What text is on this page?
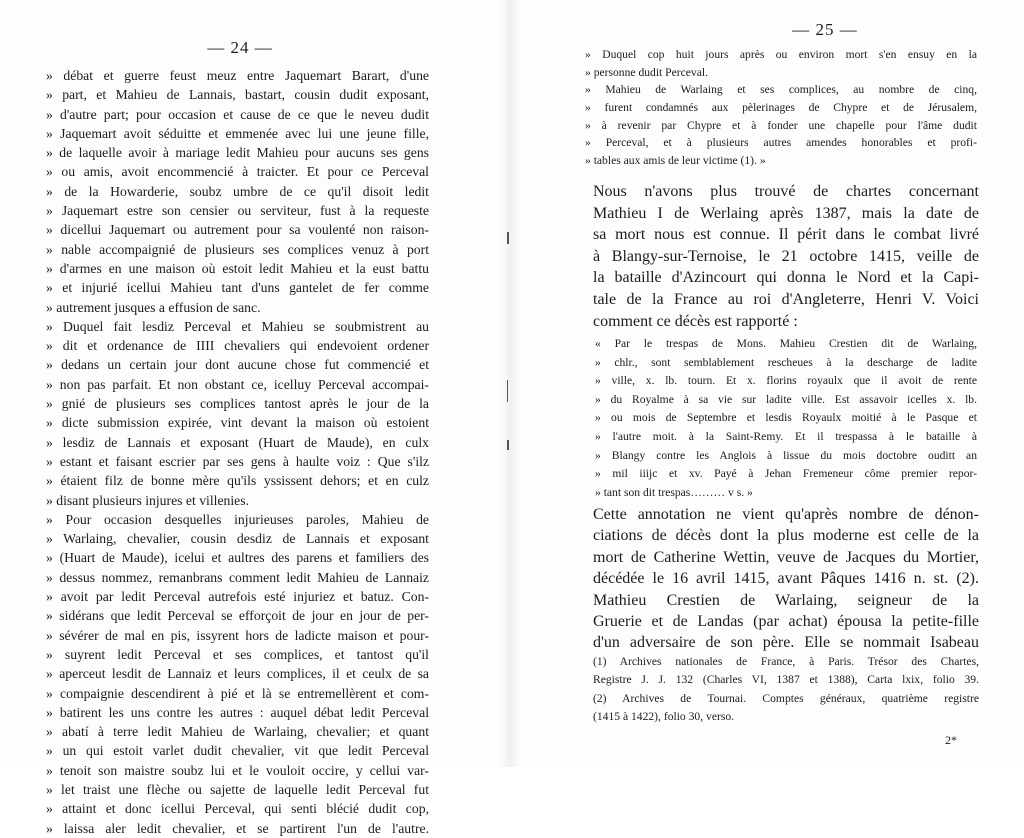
— 24 —
» débat et guerre feust meuz entre Jaquemart Barart, d'une
» part, et Mahieu de Lannais, bastart, cousin dudit exposant,
» d'autre part; pour occasion et cause de ce que le neveu dudit
» Jaquemart avoit séduitte et emmenée avec lui une jeune fille,
» de laquelle avoir à mariage ledit Mahieu pour aucuns ses gens
» ou amis, avoit encommencié à traicter. Et pour ce Perceval
» de la Howarderie, soubz umbre de ce qu'il disoit ledit
» Jaquemart estre son censier ou serviteur, fust à la requeste
» dicellui Jaquemart ou autrement pour sa voulenté non raison-
» nable accompaignié de plusieurs ses complices venuz à port
» d'armes en une maison où estoit ledit Mahieu et la eust battu
» et injurié icellui Mahieu tant d'uns gantelet de fer comme
» autrement jusques a effusion de sanc.
» Duquel fait lesdiz Perceval et Mahieu se soubmistrent au
» dit et ordenance de IIII chevaliers qui endevoient ordener
» dedans un certain jour dont aucune chose fut commencié et
» non pas parfait. Et non obstant ce, icelluy Perceval accompai-
» gnié de plusieurs ses complices tantost après le jour de la
» dicte submission expirée, vint devant la maison où estoient
» lesdiz de Lannais et exposant (Huart de Maude), en culx
» estant et faisant escrier par ses gens à haulte voiz : Que s'ilz
» étaient filz de bonne mère qu'ils yssissent dehors; et en culz
» disant plusieurs injures et villenies.
» Pour occasion desquelles injurieuses paroles, Mahieu de
» Warlaing, chevalier, cousin desdiz de Lannais et exposant
» (Huart de Maude), icelui et aultres des parens et familiers des
» dessus nommez, remanbrans comment ledit Mahieu de Lannaiz
» avoit par ledit Perceval autrefois esté injuriez et batuz. Con-
» sidérans que ledit Perceval se efforçoit de jour en jour de per-
» sévérer de mal en pis, issyrent hors de ladicte maison et pour-
» suyrent ledit Perceval et ses complices, et tantost qu'il
» aperceut lesdit de Lannaiz et leurs complices, il et ceulx de sa
» compaignie descendirent à pié et là se entremellèrent et com-
» batirent les uns contre les autres : auquel débat ledit Perceval
» abatí à terre ledit Mahieu de Warlaing, chevalier; et quant
» un qui estoit varlet dudit chevalier, vit que ledit Perceval
» tenoit son maistre soubz lui et le vouloit occire, y cellui var-
» let traist une flèche ou sajette de laquelle ledit Perceval fut
» attaint et donc icellui Perceval, qui senti blécié dudit cop,
» laissa aler ledit chevalier, et se partirent l'un de l'autre.
— 25 —
» Duquel cop huit jours après ou environ mort s'en ensuy en la
» personne dudit Perceval.
» Mahieu de Warlaing et ses complices, au nombre de cinq,
» furent condamnés aux pèlerinages de Chypre et de Jérusalem,
» à revenir par Chypre et à fonder une chapelle pour l'âme dudit
» Perceval, et à plusieurs autres amendes honorables et profi-
» tables aux amis de leur victime (1). »
Nous n'avons plus trouvé de chartes concernant
Mathieu I de Werlaing après 1387, mais la date de
sa mort nous est connue. Il périt dans le combat livré
à Blangy-sur-Ternoise, le 21 octobre 1415, veille de
la bataille d'Azincourt qui donna le Nord et la Capi-
tale de la France au roi d'Angleterre, Henri V. Voici
comment ce décès est rapporté :
« Par le trespas de Mons. Mahieu Crestien dit de Warlaing,
» chlr., sont semblablement rescheues à la descharge de ladite
» ville, x. lb. tourn. Et x. florins royaulx que il avoit de rente
» du Royalme à sa vie sur ladite ville. Est assavoir icelles x. lb.
» ou mois de Septembre et lesdis Royaulx moitié à le Pasque et
» l'autre moit. à la Saint-Remy. Et il trespassa à le bataille à
» Blangy contre les Anglois à lissue du mois doctobre ouditt an
» mil iiijc et xv. Payé à Jehan Fremeneur côme premier repor-
» tant son dit trespas……… v s. »
Cette annotation ne vient qu'après nombre de dénon-
ciations de décès dont la plus moderne est celle de la
mort de Catherine Wettin, veuve de Jacques du Mortier,
décédée le 16 avril 1415, avant Pâques 1416 n. st. (2).
Mathieu Crestien de Warlaing, seigneur de la
Gruerie et de Landas (par achat) épousa la petite-fille
d'un adversaire de son père. Elle se nommait Isabeau
(1) Archives nationales de France, à Paris. Trésor des Chartes,
Registre J. J. 132 (Charles VI, 1387 et 1388), Carta lxix, folio 39.
(2) Archives de Tournai. Comptes généraux, quatrième registre
(1415 à 1422), folio 30, verso.
2*
